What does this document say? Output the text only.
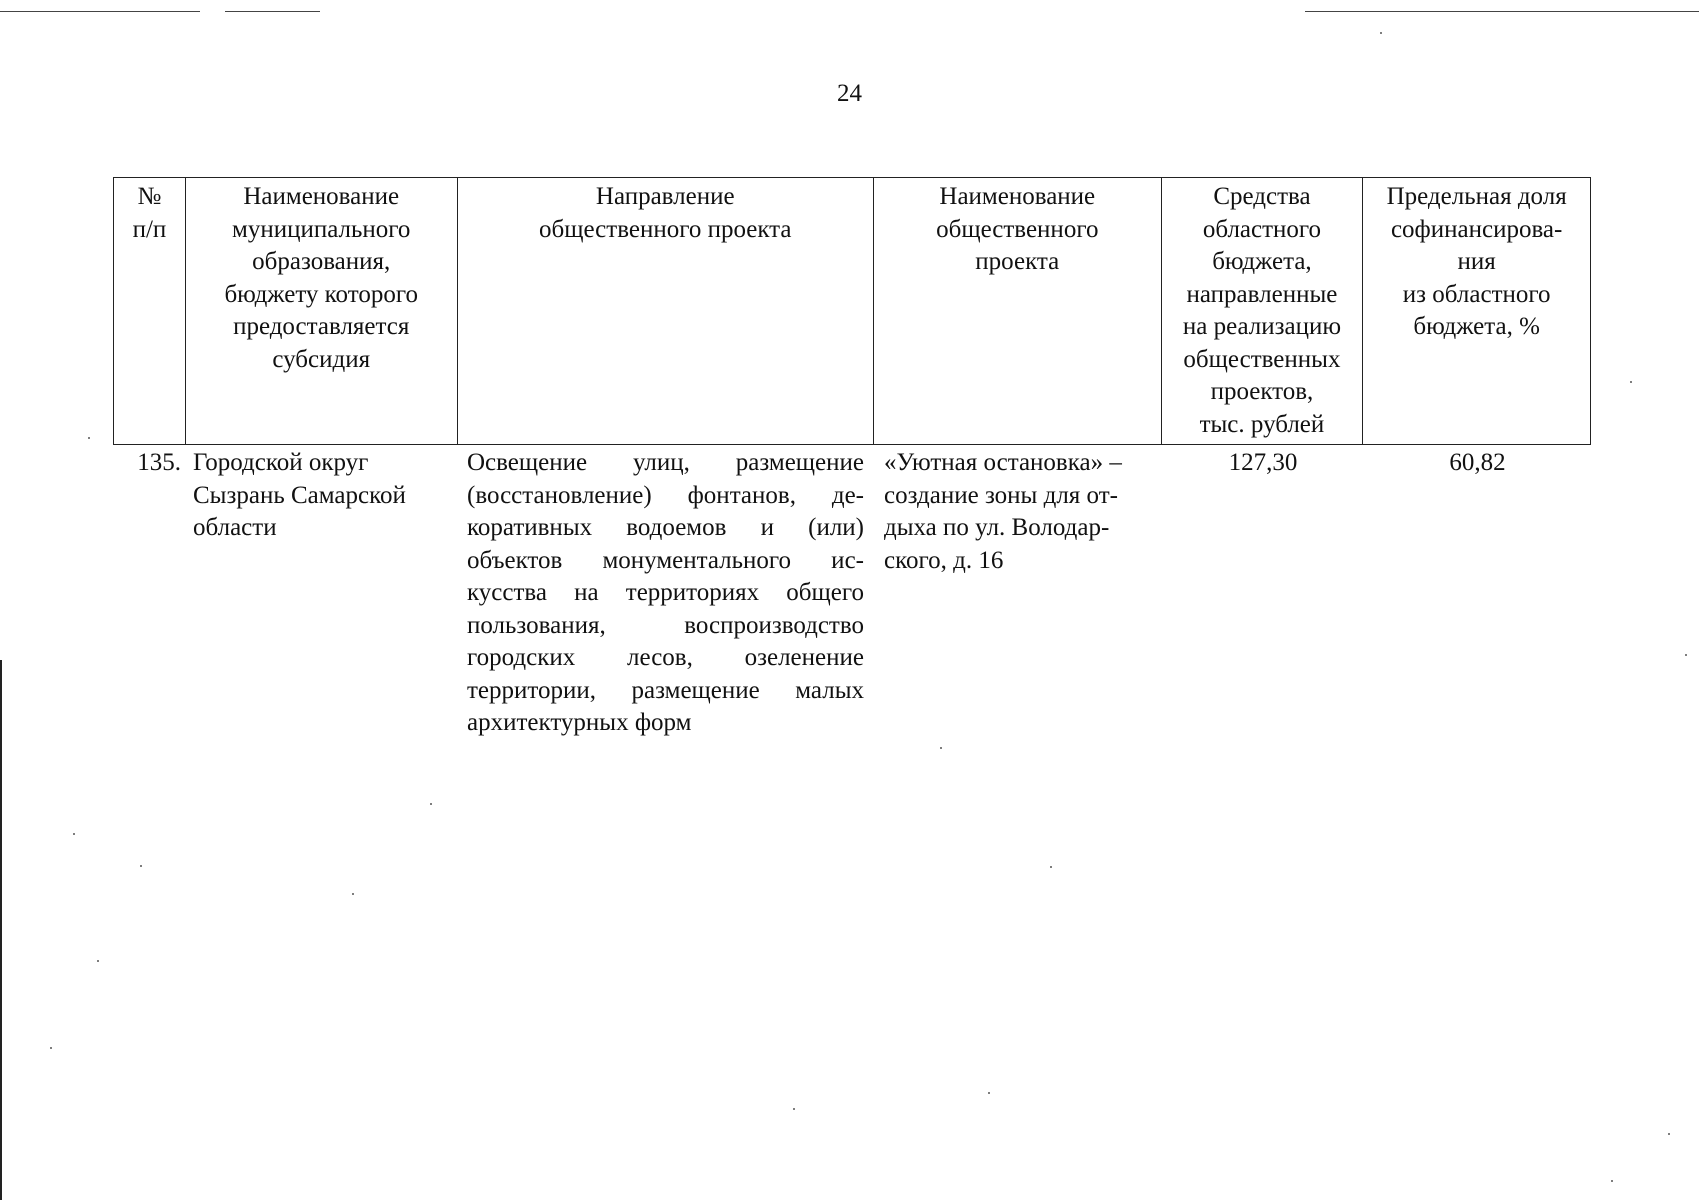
24
№
п/п
Наименование
муниципального
образования,
бюджету которого
предоставляется
субсидия
Направление
общественного проекта
Наименование
общественного
проекта
Средства
областного
бюджета,
направленные
на реализацию
общественных
проектов,
тыс. рублей
Предельная доля
софинансирова-
ния
из областного
бюджета, %
135. Городской округ
Сызрань Самарской
области
Освещение улиц, размещение
(восстановление) фонтанов, де-
коративных водоемов и (или)
объектов монументального ис-
кусства на территориях общего
пользования, воспроизводство
городских лесов, озеленение
территории, размещение малых
архитектурных форм
«Уютная остановка» –
создание зоны для от-
дыха по ул. Володар-
ского, д. 16
127,30	60,82
